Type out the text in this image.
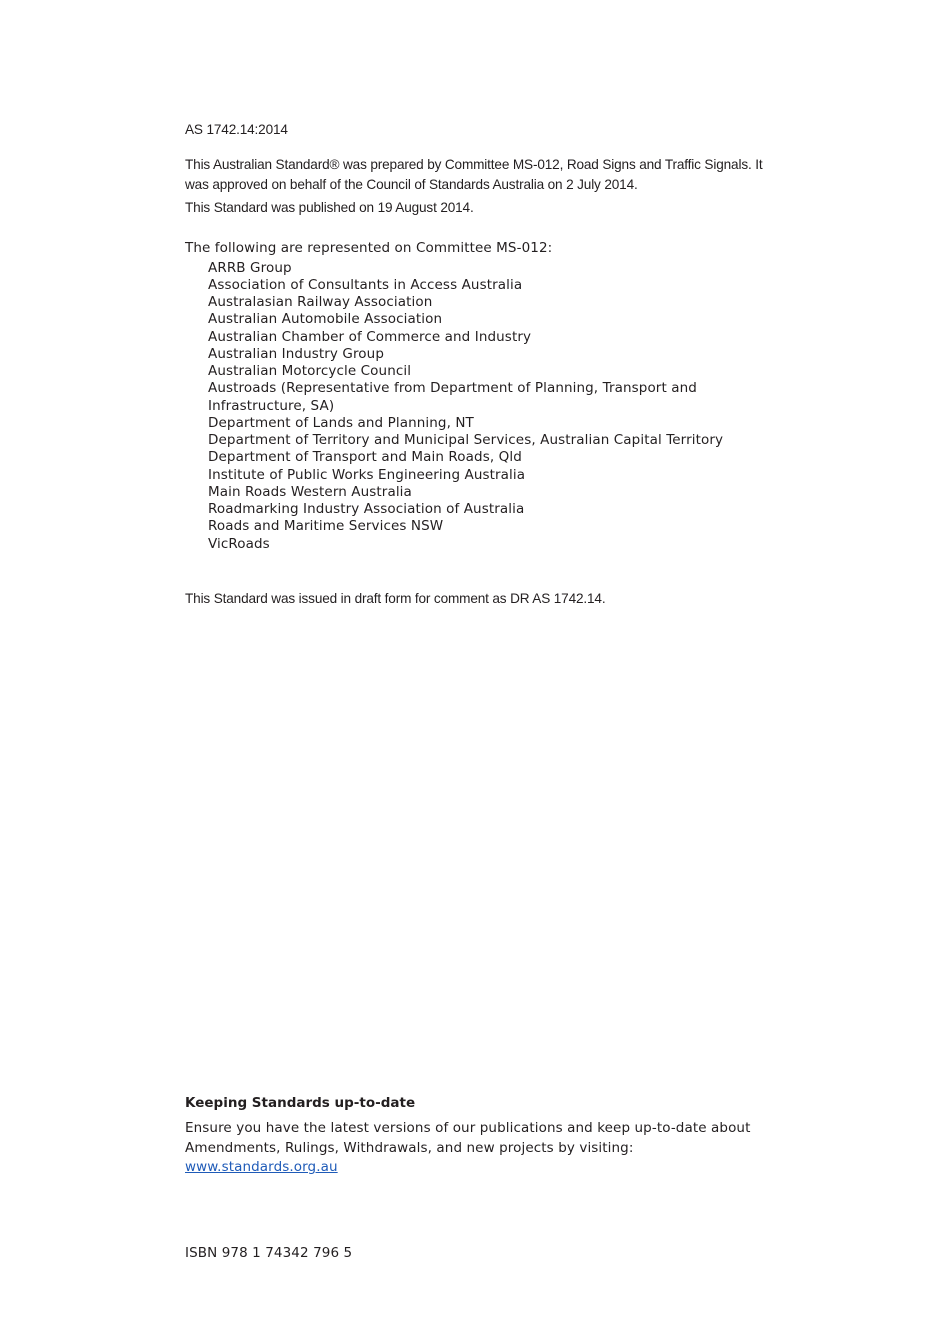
AS 1742.14:2014

This Australian Standard® was prepared by Committee MS-012, Road Signs and Traffic Signals. It was approved on behalf of the Council of Standards Australia on 2 July 2014.

This Standard was published on 19 August 2014.

The following are represented on Committee MS-012:

ARRB Group
Association of Consultants in Access Australia
Australasian Railway Association
Australian Automobile Association
Australian Chamber of Commerce and Industry
Australian Industry Group
Australian Motorcycle Council
Austroads (Representative from Department of Planning, Transport and Infrastructure, SA)
Department of Lands and Planning, NT
Department of Territory and Municipal Services, Australian Capital Territory
Department of Transport and Main Roads, Qld
Institute of Public Works Engineering Australia
Main Roads Western Australia
Roadmarking Industry Association of Australia
Roads and Maritime Services NSW
VicRoads

This Standard was issued in draft form for comment as DR AS 1742.14.

Keeping Standards up-to-date

Ensure you have the latest versions of our publications and keep up-to-date about Amendments, Rulings, Withdrawals, and new projects by visiting:
www.standards.org.au

ISBN 978 1 74342 796 5
